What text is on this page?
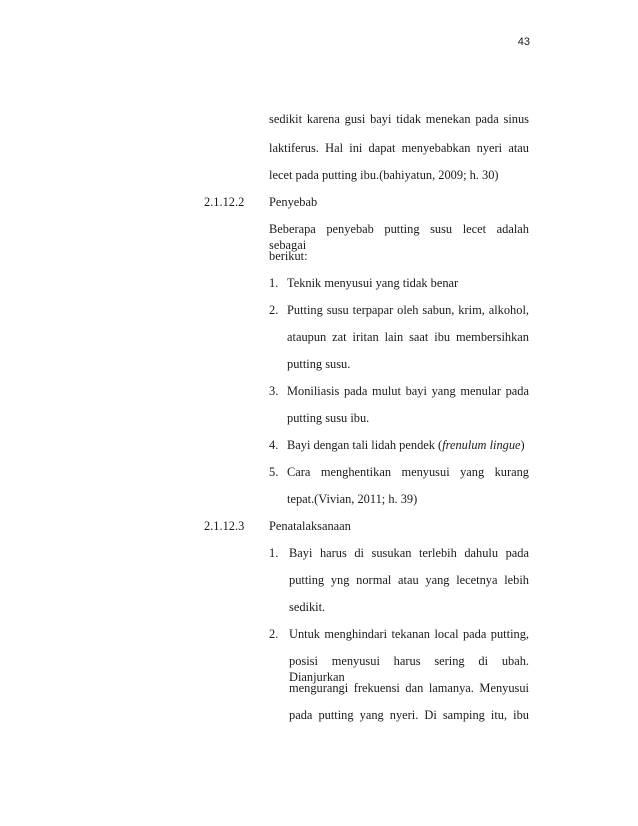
43
sedikit karena gusi bayi tidak menekan pada sinus
laktiferus. Hal ini dapat menyebabkan nyeri atau
lecet pada putting ibu.(bahiyatun, 2009; h. 30)
2.1.12.2 Penyebab
Beberapa penyebab putting susu lecet adalah sebagai
berikut:
1. Teknik menyusui yang tidak benar
2. Putting susu terpapar oleh sabun, krim, alkohol,
ataupun zat iritan lain saat ibu membersihkan
putting susu.
3. Moniliasis pada mulut bayi yang menular pada
putting susu ibu.
4. Bayi dengan tali lidah pendek (frenulum lingue)
5. Cara menghentikan menyusui yang kurang
tepat.(Vivian, 2011; h. 39)
2.1.12.3 Penatalaksanaan
1. Bayi harus di susukan terlebih dahulu pada
putting yng normal atau yang lecetnya lebih
sedikit.
2. Untuk menghindari tekanan local pada putting,
posisi menyusui harus sering di ubah. Dianjurkan
mengurangi frekuensi dan lamanya. Menyusui
pada putting yang nyeri. Di samping itu, ibu
